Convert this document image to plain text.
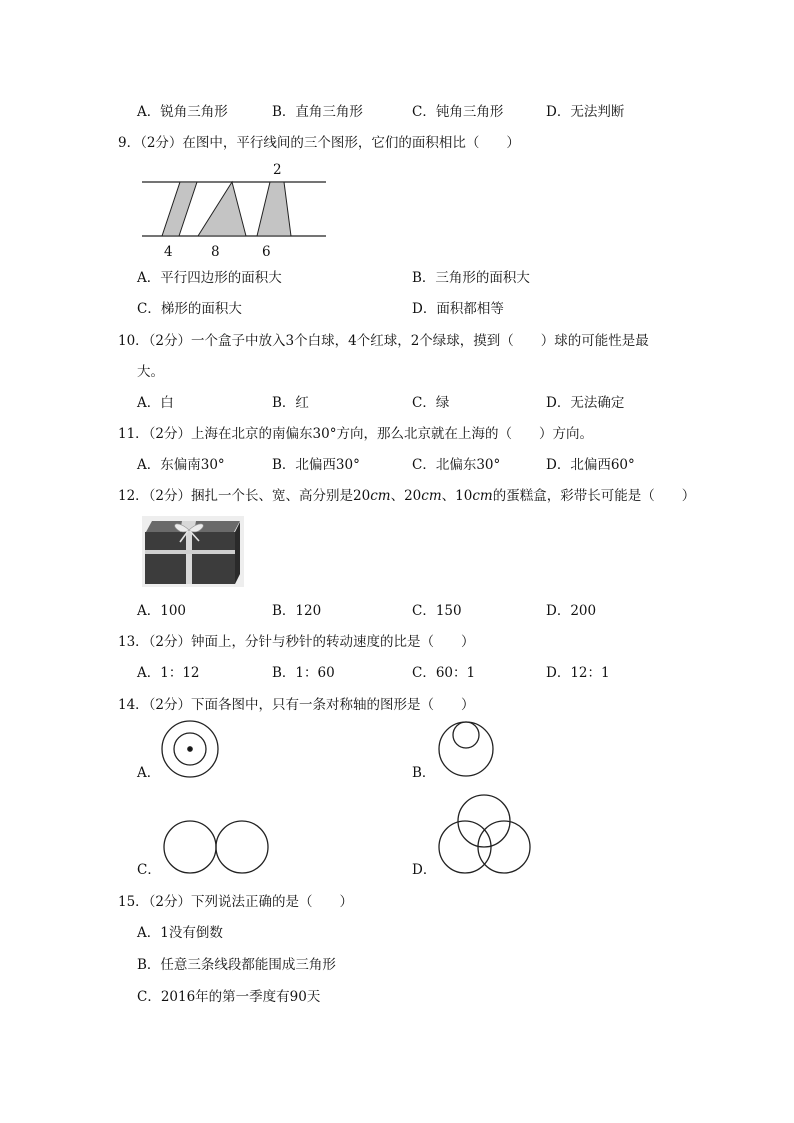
A．锐角三角形	B．直角三角形	C．钝角三角形	D．无法判断
9．（2分）在图中，平行线间的三个图形，它们的面积相比（　　）
2
4	8	6
A．平行四边形的面积大	B．三角形的面积大
C．梯形的面积大	D．面积都相等
10．（2分）一个盒子中放入3个白球，4个红球，2个绿球，摸到（　　）球的可能性是最
大。
A．白	B．红	C．绿	D．无法确定
11．（2分）上海在北京的南偏东30°方向，那么北京就在上海的（　　）方向。
A．东偏南30°	B．北偏西30°	C．北偏东30°	D．北偏西60°
12．（2分）捆扎一个长、宽、高分别是20cm、20cm、10cm的蛋糕盒，彩带长可能是（　　）
A．100	B．120	C．150	D．200
13．（2分）钟面上，分针与秒针的转动速度的比是（　　）
A．1：12	B．1：60	C．60：1	D．12：1
14．（2分）下面各图中，只有一条对称轴的图形是（　　）
A．	B．
C．	D．
15．（2分）下列说法正确的是（　　）
A．1没有倒数
B．任意三条线段都能围成三角形
C．2016年的第一季度有90天
